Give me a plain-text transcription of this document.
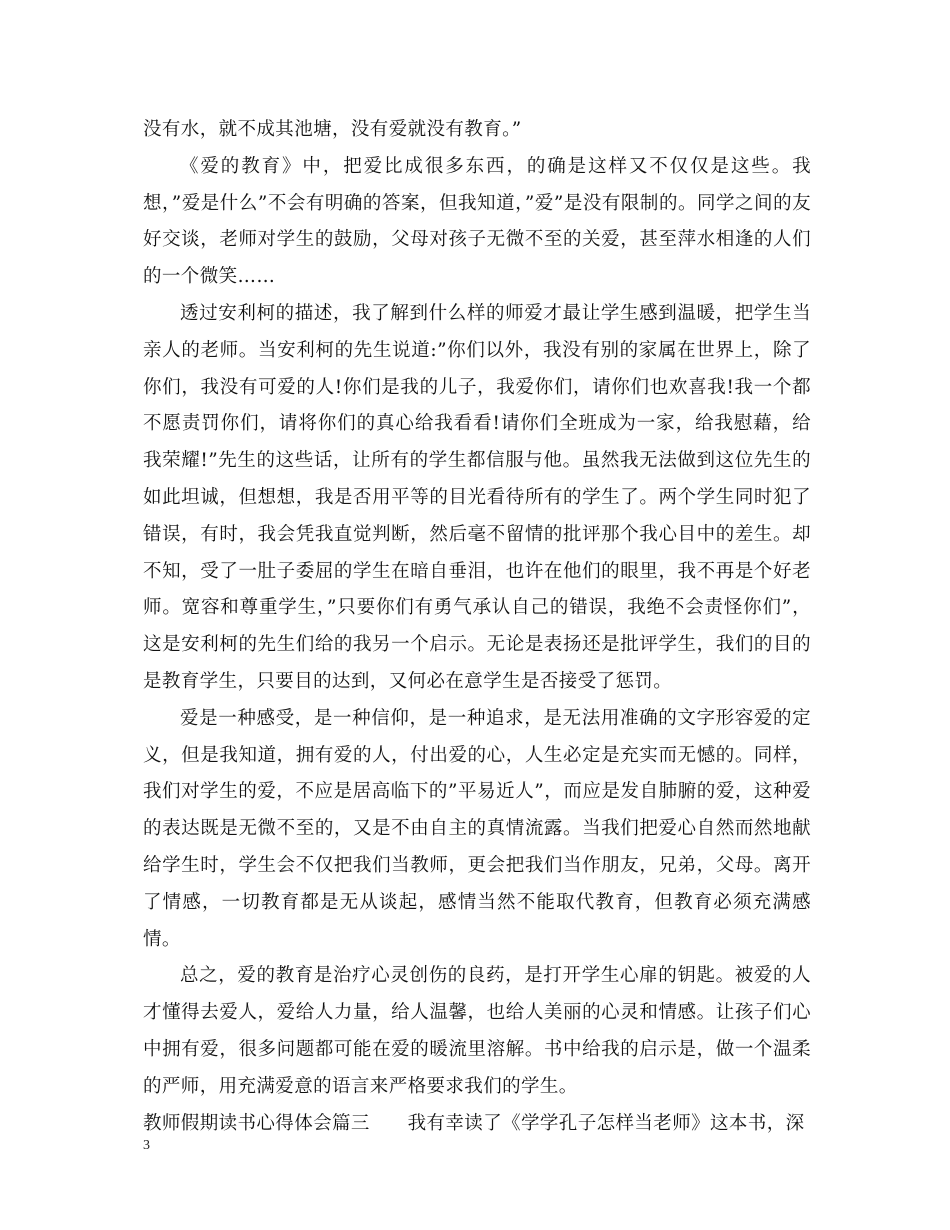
没有水，就不成其池塘，没有爱就没有教育。”

《爱的教育》中，把爱比成很多东西，的确是这样又不仅仅是这些。我想，”爱是什么”不会有明确的答案，但我知道，”爱”是没有限制的。同学之间的友好交谈，老师对学生的鼓励，父母对孩子无微不至的关爱，甚至萍水相逢的人们的一个微笑……

透过安利柯的描述，我了解到什么样的师爱才最让学生感到温暖，把学生当亲人的老师。当安利柯的先生说道:”你们以外，我没有别的家属在世界上，除了你们，我没有可爱的人!你们是我的儿子，我爱你们，请你们也欢喜我!我一个都不愿责罚你们，请将你们的真心给我看看!请你们全班成为一家，给我慰藉，给我荣耀!”先生的这些话，让所有的学生都信服与他。虽然我无法做到这位先生的如此坦诚，但想想，我是否用平等的目光看待所有的学生了。两个学生同时犯了错误，有时，我会凭我直觉判断，然后毫不留情的批评那个我心目中的差生。却不知，受了一肚子委屈的学生在暗自垂泪，也许在他们的眼里，我不再是个好老师。宽容和尊重学生，”只要你们有勇气承认自己的错误，我绝不会责怪你们”，这是安利柯的先生们给的我另一个启示。无论是表扬还是批评学生，我们的目的是教育学生，只要目的达到，又何必在意学生是否接受了惩罚。

爱是一种感受，是一种信仰，是一种追求，是无法用准确的文字形容爱的定义，但是我知道，拥有爱的人，付出爱的心，人生必定是充实而无憾的。同样，我们对学生的爱，不应是居高临下的”平易近人”，而应是发自肺腑的爱，这种爱的表达既是无微不至的，又是不由自主的真情流露。当我们把爱心自然而然地献给学生时，学生会不仅把我们当教师，更会把我们当作朋友，兄弟，父母。离开了情感，一切教育都是无从谈起，感情当然不能取代教育，但教育必须充满感情。

总之，爱的教育是治疗心灵创伤的良药，是打开学生心扉的钥匙。被爱的人才懂得去爱人，爱给人力量，给人温馨，也给人美丽的心灵和情感。让孩子们心中拥有爱，很多问题都可能在爱的暖流里溶解。书中给我的启示是，做一个温柔的严师，用充满爱意的语言来严格要求我们的学生。

教师假期读书心得体会篇三　　我有幸读了《学学孔子怎样当老师》这本书，深

3
